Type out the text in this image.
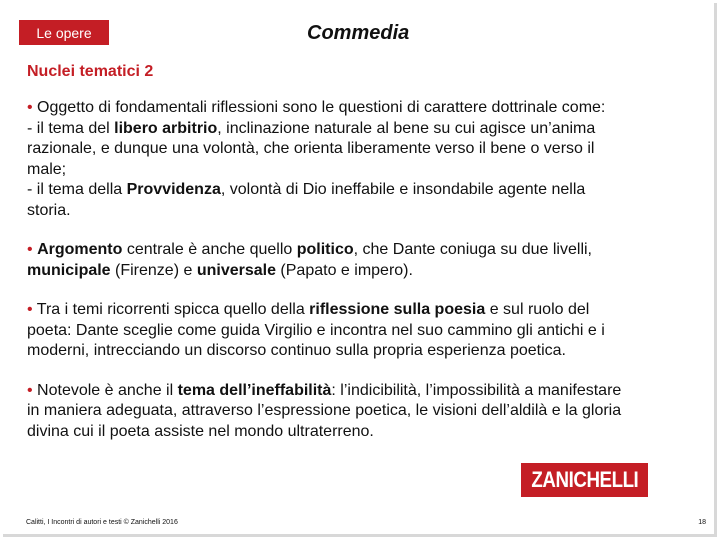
Le opere	Commedia
Nuclei tematici 2

• Oggetto di fondamentali riflessioni sono le questioni di carattere dottrinale come:
- il tema del libero arbitrio, inclinazione naturale al bene su cui agisce un’anima
razionale, e dunque una volontà, che orienta liberamente verso il bene o verso il
male;
- il tema della Provvidenza, volontà di Dio ineffabile e insondabile agente nella
storia.

• Argomento centrale è anche quello politico, che Dante coniuga su due livelli,
municipale (Firenze) e universale (Papato e impero).

• Tra i temi ricorrenti spicca quello della riflessione sulla poesia e sul ruolo del
poeta: Dante sceglie come guida Virgilio e incontra nel suo cammino gli antichi e i
moderni, intrecciando un discorso continuo sulla propria esperienza poetica.

• Notevole è anche il tema dell’ineffabilità: l’indicibilità, l’impossibilità a manifestare
in maniera adeguata, attraverso l’espressione poetica, le visioni dell’aldilà e la gloria
divina cui il poeta assiste nel mondo ultraterreno.

ZANICHELLI
Calitti, I Incontri di autori e testi © Zanichelli 2016	18
